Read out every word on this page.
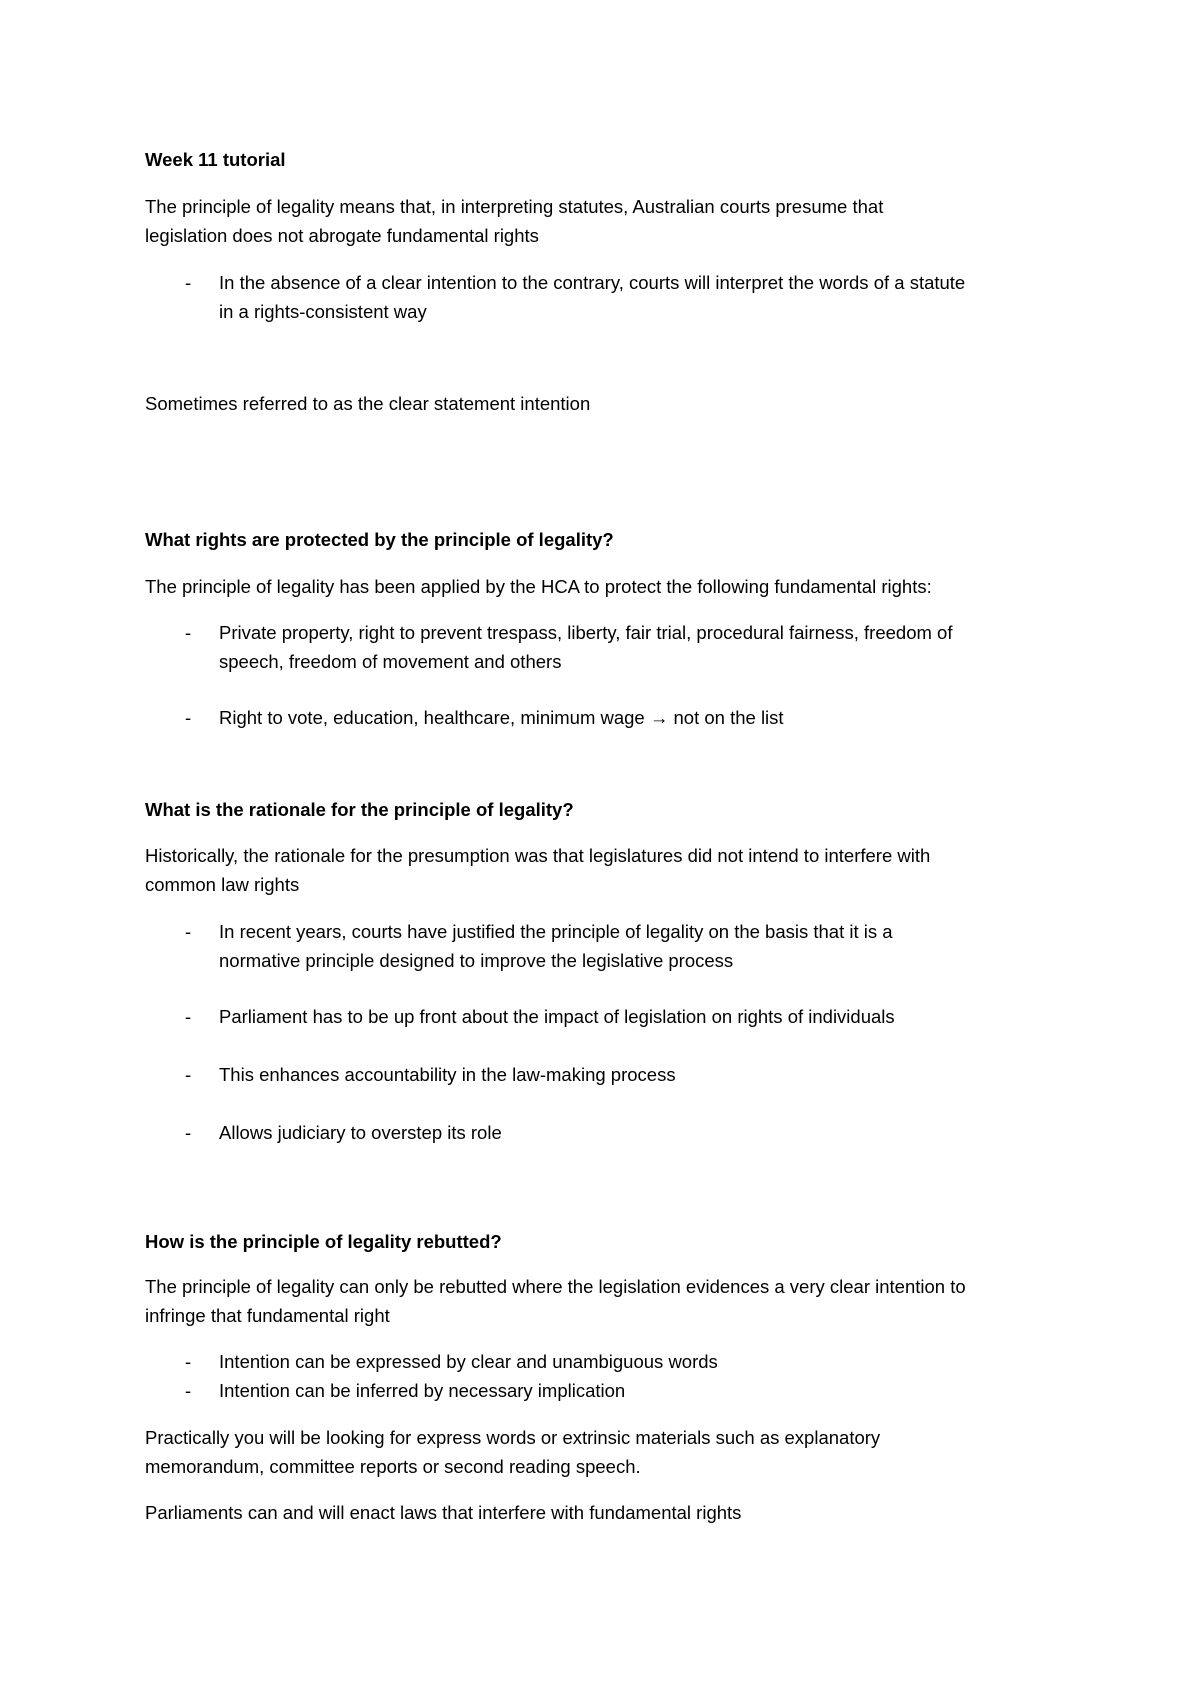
Week 11 tutorial

The principle of legality means that, in interpreting statutes, Australian courts presume that

legislation does not abrogate fundamental rights

- In the absence of a clear intention to the contrary, courts will interpret the words of a statute
in a rights-consistent way

Sometimes referred to as the clear statement intention

What rights are protected by the principle of legality?

The principle of legality has been applied by the HCA to protect the following fundamental rights:

- Private property, right to prevent trespass, liberty, fair trial, procedural fairness, freedom of
speech, freedom of movement and others
- Right to vote, education, healthcare, minimum wage → not on the list

What is the rationale for the principle of legality?

Historically, the rationale for the presumption was that legislatures did not intend to interfere with

common law rights

- In recent years, courts have justified the principle of legality on the basis that it is a
normative principle designed to improve the legislative process
- Parliament has to be up front about the impact of legislation on rights of individuals
- This enhances accountability in the law-making process
- Allows judiciary to overstep its role

How is the principle of legality rebutted?

The principle of legality can only be rebutted where the legislation evidences a very clear intention to

infringe that fundamental right

- Intention can be expressed by clear and unambiguous words
- Intention can be inferred by necessary implication

Practically you will be looking for express words or extrinsic materials such as explanatory

memorandum, committee reports or second reading speech.

Parliaments can and will enact laws that interfere with fundamental rights
